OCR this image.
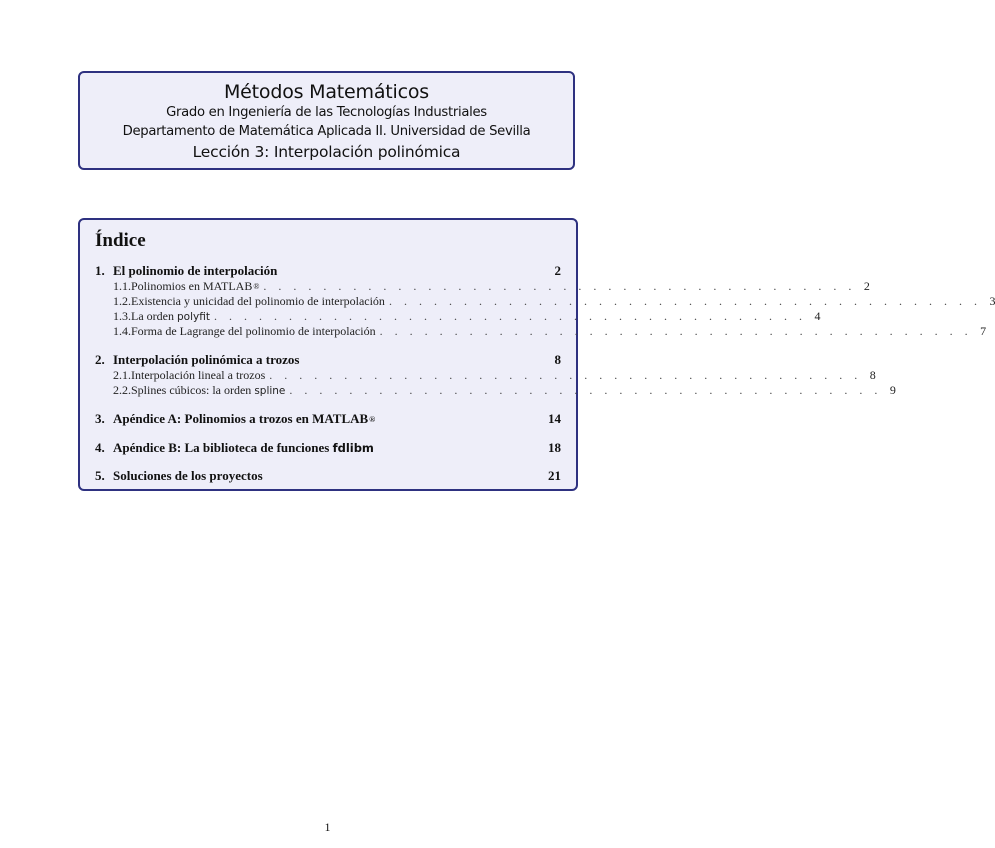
Métodos Matemáticos
Grado en Ingeniería de las Tecnologías Industriales
Departamento de Matemática Aplicada II. Universidad de Sevilla
Lección 3: Interpolación polinómica
Índice
1. El polinomio de interpolación	2
1.1. Polinomios en MATLAB® . . . . . . . . . . . . . . . . . . . . . . . . . . . . . . . . . . . . . . . . 2
1.2. Existencia y unicidad del polinomio de interpolación . . . . . . . . . . . . . . . . . . . . . . . . . . . . . . . . . . . . . . . . 3
1.3. La orden polyfit . . . . . . . . . . . . . . . . . . . . . . . . . . . . . . . . . . . . . . . . 4
1.4. Forma de Lagrange del polinomio de interpolación . . . . . . . . . . . . . . . . . . . . . . . . . . . . . . . . . . . . . . . . 7
2. Interpolación polinómica a trozos	8
2.1. Interpolación lineal a trozos . . . . . . . . . . . . . . . . . . . . . . . . . . . . . . . . . . . . . . . . 8
2.2. Splines cúbicos: la orden spline . . . . . . . . . . . . . . . . . . . . . . . . . . . . . . . . . . . . . . . . 9
3. Apéndice A: Polinomios a trozos en MATLAB®	14
4. Apéndice B: La biblioteca de funciones fdlibm	18
5. Soluciones de los proyectos	21
1
